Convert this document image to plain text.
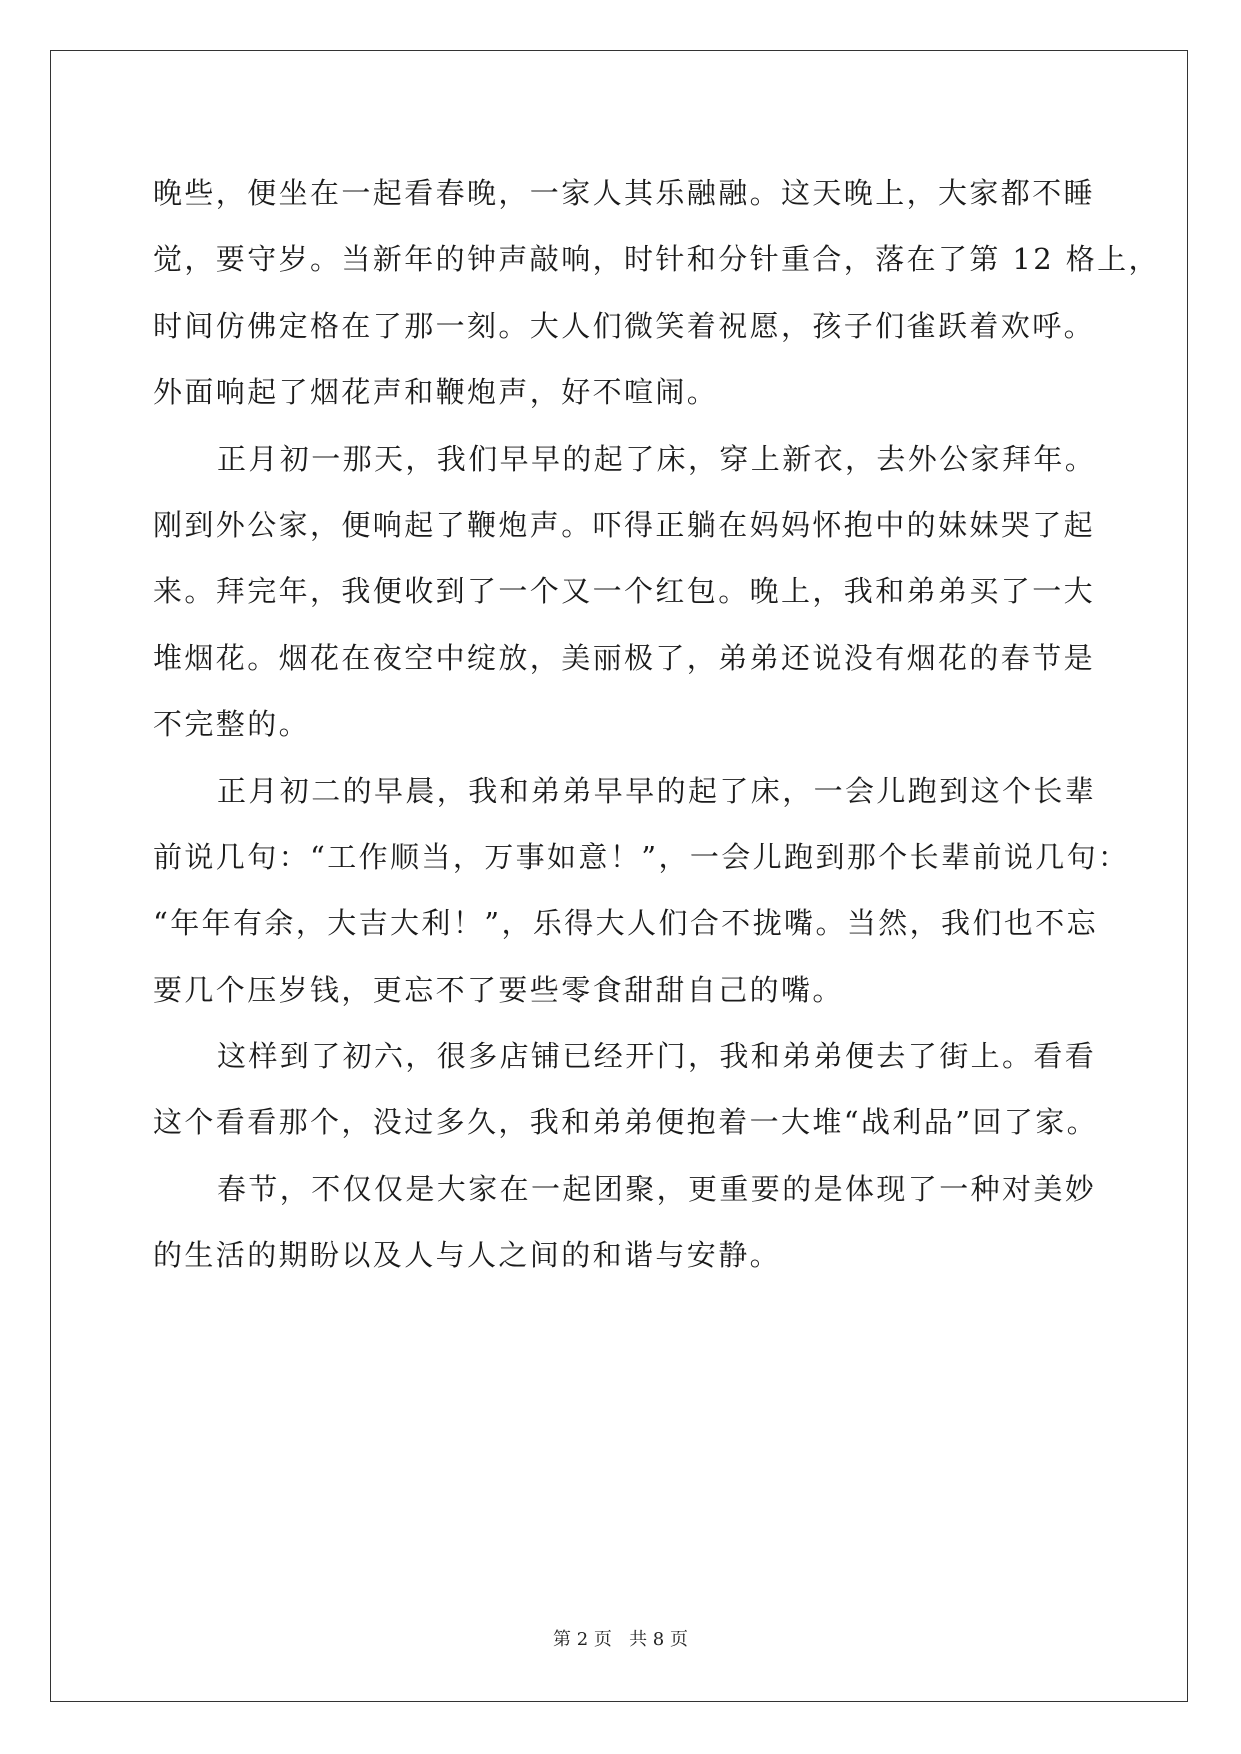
晚些，便坐在一起看春晚，一家人其乐融融。这天晚上，大家都不睡
觉，要守岁。当新年的钟声敲响，时针和分针重合，落在了第 12 格上，
时间仿佛定格在了那一刻。大人们微笑着祝愿，孩子们雀跃着欢呼。
外面响起了烟花声和鞭炮声，好不喧闹。
正月初一那天，我们早早的起了床，穿上新衣，去外公家拜年。
刚到外公家，便响起了鞭炮声。吓得正躺在妈妈怀抱中的妹妹哭了起
来。拜完年，我便收到了一个又一个红包。晚上，我和弟弟买了一大
堆烟花。烟花在夜空中绽放，美丽极了，弟弟还说没有烟花的春节是
不完整的。
正月初二的早晨，我和弟弟早早的起了床，一会儿跑到这个长辈
前说几句：“工作顺当，万事如意！”，一会儿跑到那个长辈前说几句：
“年年有余，大吉大利！”，乐得大人们合不拢嘴。当然，我们也不忘
要几个压岁钱，更忘不了要些零食甜甜自己的嘴。
这样到了初六，很多店铺已经开门，我和弟弟便去了街上。看看
这个看看那个，没过多久，我和弟弟便抱着一大堆“战利品”回了家。
春节，不仅仅是大家在一起团聚，更重要的是体现了一种对美妙
的生活的期盼以及人与人之间的和谐与安静。
第 2 页 共 8 页
